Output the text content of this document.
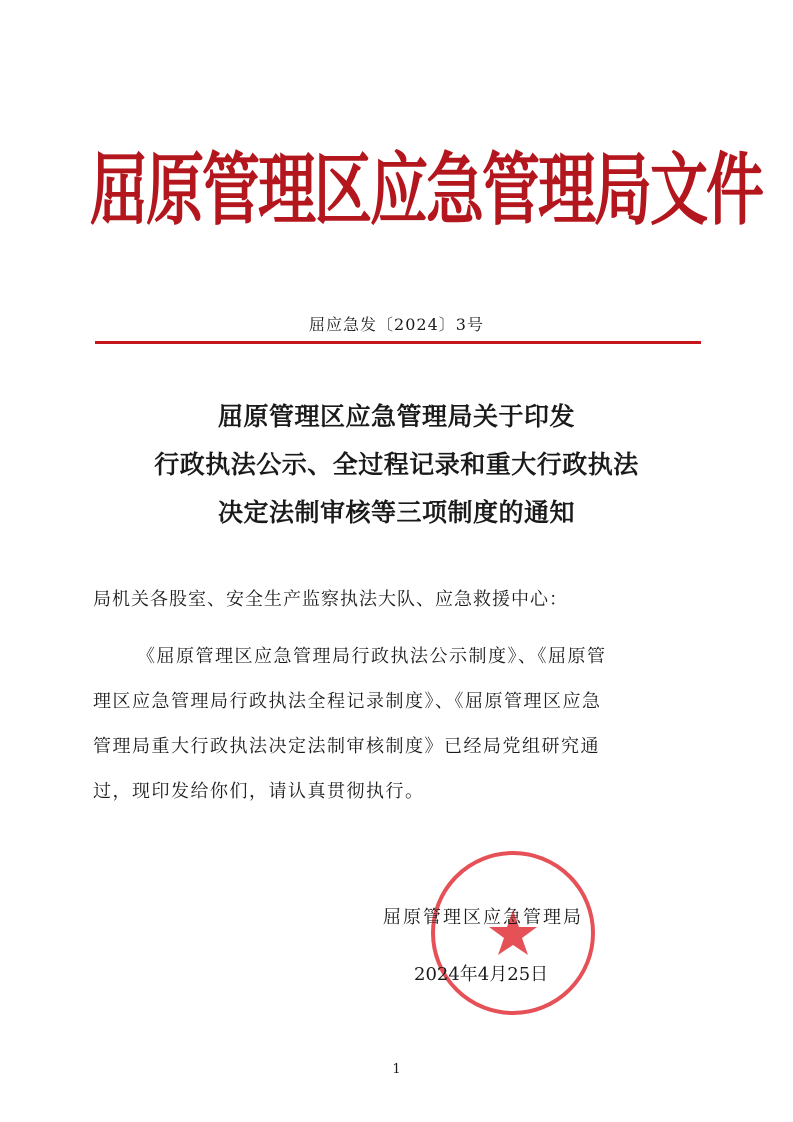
屈原管理区应急管理局文件
屈应急发〔2024〕3号
屈原管理区应急管理局关于印发
行政执法公示、全过程记录和重大行政执法
决定法制审核等三项制度的通知
局机关各股室、安全生产监察执法大队、应急救援中心：
《屈原管理区应急管理局行政执法公示制度》、《屈原管
理区应急管理局行政执法全程记录制度》、《屈原管理区应急
管理局重大行政执法决定法制审核制度》已经局党组研究通
过，现印发给你们，请认真贯彻执行。
屈原管理区应急管理局
2024年4月25日
1
